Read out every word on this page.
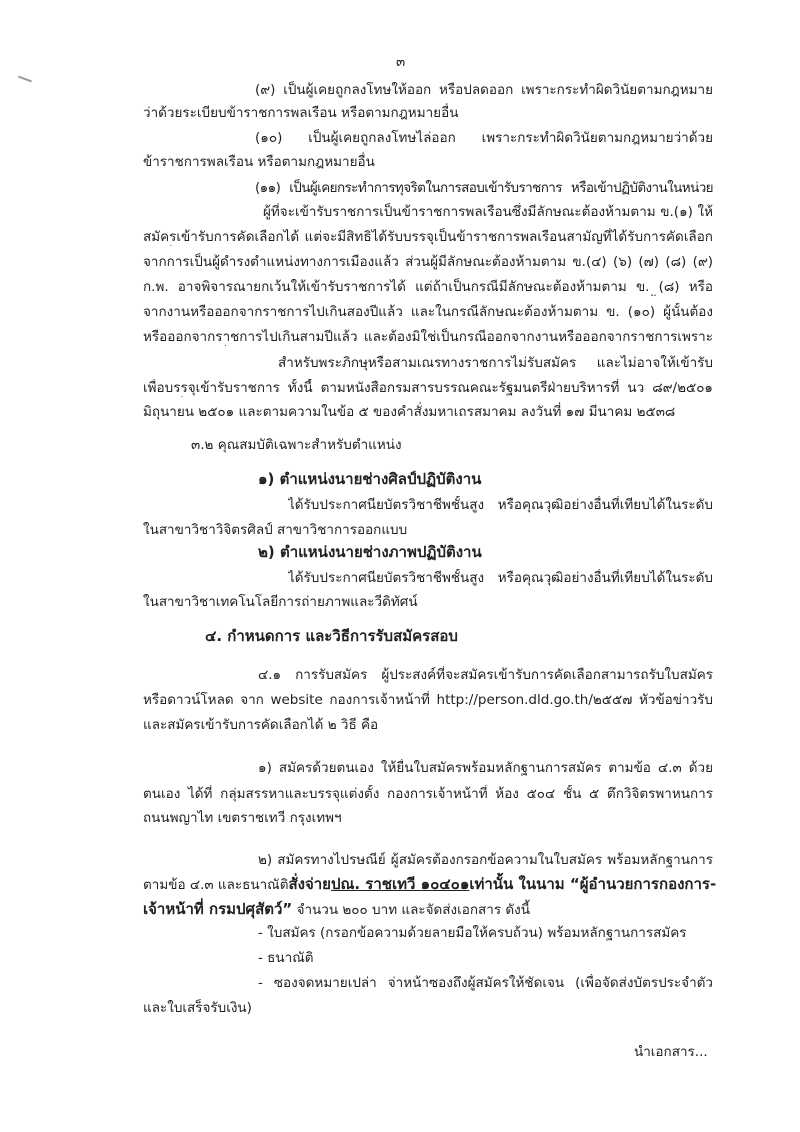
๓
(๙) เป็นผู้เคยถูกลงโทษให้ออก หรือปลดออก เพราะกระทำผิดวินัยตามกฎหมาย
ว่าด้วยระเบียบข้าราชการพลเรือน หรือตามกฎหมายอื่น
(๑๐) เป็นผู้เคยถูกลงโทษไล่ออก เพราะกระทำผิดวินัยตามกฎหมายว่าด้วย
ข้าราชการพลเรือน หรือตามกฎหมายอื่น
(๑๑) เป็นผู้เคยกระทำการทุจริตในการสอบเข้ารับราชการ หรือเข้าปฏิบัติงานในหน่วย
ผู้ที่จะเข้ารับราชการเป็นข้าราชการพลเรือนซึ่งมีลักษณะต้องห้ามตาม ข.(๑) ให้
สมัครเข้ารับการคัดเลือกได้ แต่จะมีสิทธิได้รับบรรจุเป็นข้าราชการพลเรือนสามัญที่ได้รับการคัดเลือก
จากการเป็นผู้ดำรงตำแหน่งทางการเมืองแล้ว ส่วนผู้มีลักษณะต้องห้ามตาม ข.(๔) (๖) (๗) (๘) (๙)
ก.พ. อาจพิจารณายกเว้นให้เข้ารับราชการได้ แต่ถ้าเป็นกรณีมีลักษณะต้องห้ามตาม ข. (๘) หรือ
จากงานหรือออกจากราชการไปเกินสองปีแล้ว และในกรณีลักษณะต้องห้ามตาม ข. (๑๐) ผู้นั้นต้อง
หรือออกจากราชการไปเกินสามปีแล้ว และต้องมิใช่เป็นกรณีออกจากงานหรือออกจากราชการเพราะ
สำหรับพระภิกษุหรือสามเณรทางราชการไม่รับสมัคร และไม่อาจให้เข้ารับ
เพื่อบรรจุเข้ารับราชการ ทั้งนี้ ตามหนังสือกรมสารบรรณคณะรัฐมนตรีฝ่ายบริหารที่ นว ๘๙/๒๕๐๑
มิถุนายน ๒๕๐๑ และตามความในข้อ ๕ ของคำสั่งมหาเถรสมาคม ลงวันที่ ๑๗ มีนาคม ๒๕๓๘
๓.๒ คุณสมบัติเฉพาะสำหรับตำแหน่ง
๑) ตำแหน่งนายช่างศิลป์ปฏิบัติงาน
ได้รับประกาศนียบัตรวิชาชีพชั้นสูง หรือคุณวุฒิอย่างอื่นที่เทียบได้ในระดับ
ในสาขาวิชาวิจิตรศิลป์ สาขาวิชาการออกแบบ
๒) ตำแหน่งนายช่างภาพปฏิบัติงาน
ได้รับประกาศนียบัตรวิชาชีพชั้นสูง หรือคุณวุฒิอย่างอื่นที่เทียบได้ในระดับ
ในสาขาวิชาเทคโนโลยีการถ่ายภาพและวีดิทัศน์
๔. กำหนดการ และวิธีการรับสมัครสอบ
๔.๑ การรับสมัคร ผู้ประสงค์ที่จะสมัครเข้ารับการคัดเลือกสามารถรับใบสมัคร
หรือดาวน์โหลด จาก website กองการเจ้าหน้าที่ http://person.dld.go.th/๒๕๕๗ หัวข้อข่าวรับ
และสมัครเข้ารับการคัดเลือกได้ ๒ วิธี คือ
๑) สมัครด้วยตนเอง ให้ยื่นใบสมัครพร้อมหลักฐานการสมัคร ตามข้อ ๔.๓ ด้วย
ตนเอง ได้ที่ กลุ่มสรรหาและบรรจุแต่งตั้ง กองการเจ้าหน้าที่ ห้อง ๕๐๔ ชั้น ๕ ตึกวิจิตรพาหนการ
ถนนพญาไท เขตราชเทวี กรุงเทพฯ
๒) สมัครทางไปรษณีย์ ผู้สมัครต้องกรอกข้อความในใบสมัคร พร้อมหลักฐานการ
ตามข้อ ๔.๓ และธนาณัติ สั่งจ่าย ปณ. ราชเทวี ๑๐๔๐๑ เท่านั้น ในนาม “ผู้อำนวยการกองการ-
เจ้าหน้าที่ กรมปศุสัตว์” จำนวน ๒๐๐ บาท และจัดส่งเอกสาร ดังนี้
- ใบสมัคร (กรอกข้อความด้วยลายมือให้ครบถ้วน) พร้อมหลักฐานการสมัคร
- ธนาณัติ
- ซองจดหมายเปล่า จ่าหน้าซองถึงผู้สมัครให้ชัดเจน (เพื่อจัดส่งบัตรประจำตัว
และใบเสร็จรับเงิน)
นำเอกสาร...
